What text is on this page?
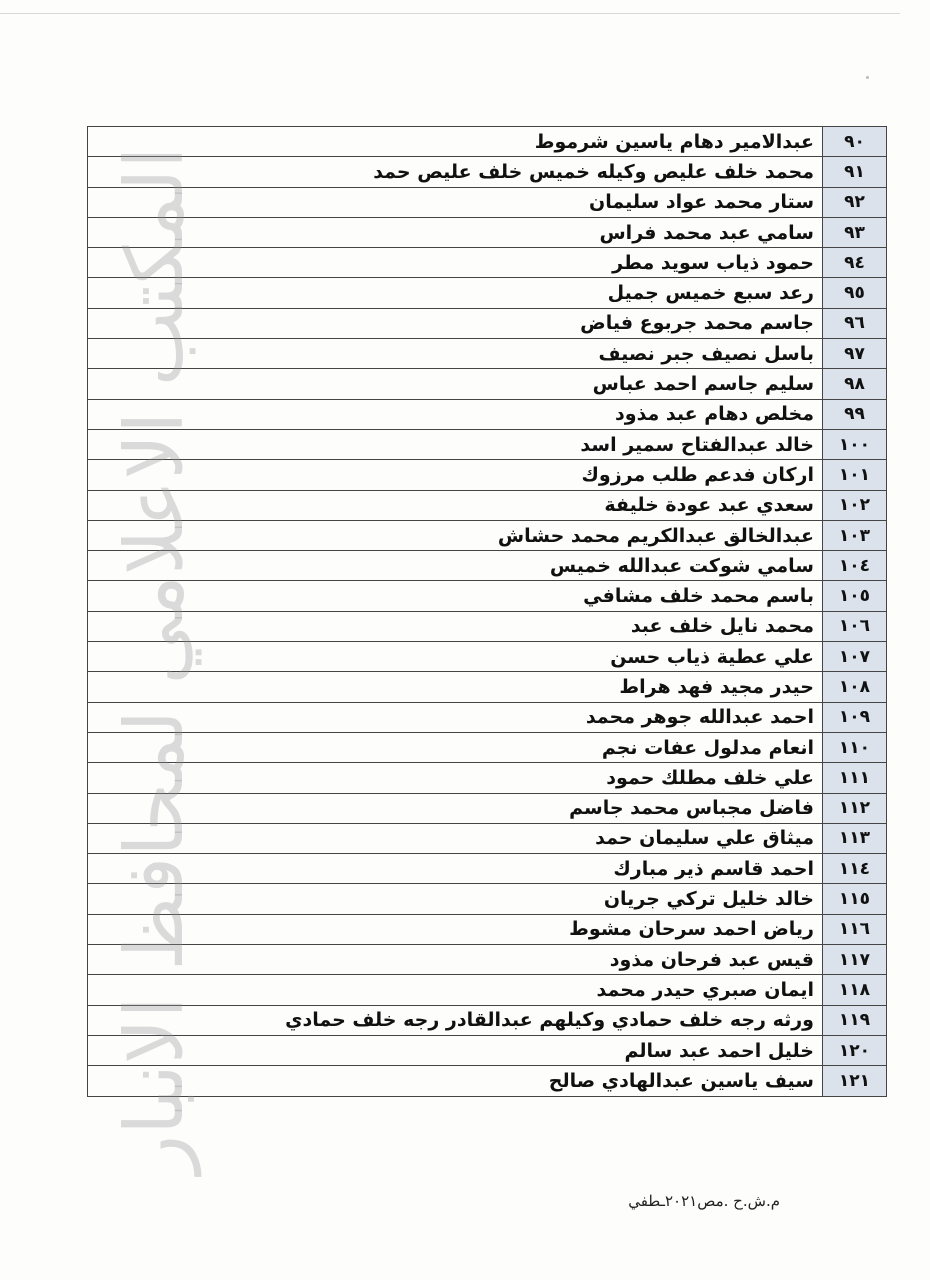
٩٠	عبدالامير دهام ياسين شرموط
٩١	محمد خلف عليص وكيله خميس خلف عليص حمد
٩٢	ستار محمد عواد سليمان
٩٣	سامي عبد محمد فراس
٩٤	حمود ذياب سويد مطر
٩٥	رعد سبع خميس جميل
٩٦	جاسم محمد جربوع فياض
٩٧	باسل نصيف جبر نصيف
٩٨	سليم جاسم احمد عباس
٩٩	مخلص دهام عبد مذود
١٠٠	خالد عبدالفتاح سمير اسد
١٠١	اركان فدعم طلب مرزوك
١٠٢	سعدي عبد عودة خليفة
١٠٣	عبدالخالق عبدالكريم محمد حشاش
١٠٤	سامي شوكت عبدالله خميس
١٠٥	باسم محمد خلف مشافي
١٠٦	محمد نايل خلف عبد
١٠٧	علي عطية ذياب حسن
١٠٨	حيدر مجيد فهد هراط
١٠٩	احمد عبدالله جوهر محمد
١١٠	انعام مدلول عفات نجم
١١١	علي خلف مطلك حمود
١١٢	فاضل مجباس محمد جاسم
١١٣	ميثاق علي سليمان حمد
١١٤	احمد قاسم ذير مبارك
١١٥	خالد خليل تركي جريان
١١٦	رياض احمد سرحان مشوط
١١٧	قيس عبد فرحان مذود
١١٨	ايمان صبري حيدر محمد
١١٩	ورثه رجه خلف حمادي وكيلهم عبدالقادر رجه خلف حمادي
١٢٠	خليل احمد عبد سالم
١٢١	سيف ياسين عبدالهادي صالح
المكتب الاعلامي لمحافظ الانبار
م.ش.ح .مص٢٠٢١ـطفي
